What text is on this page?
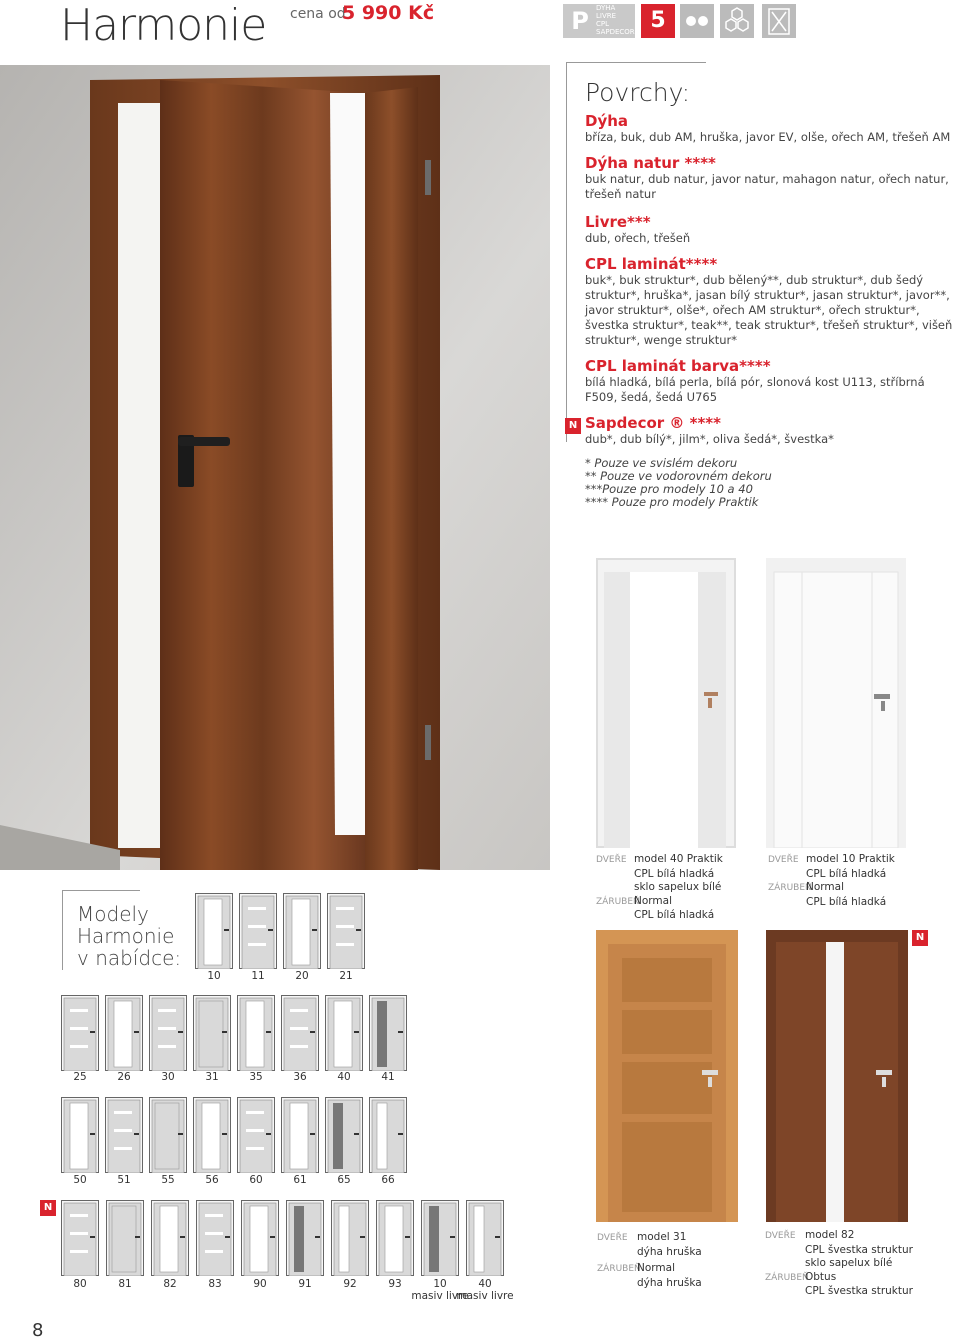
Harmonie cena od
5 990 Kč	P	DÝHA
LIVRE
CPL
SAPDECOR 5
Povrchy:
Dýha
bříza, buk, dub AM, hruška, javor EV, olše, ořech AM, třešeň AM
Dýha natur ****
buk natur, dub natur, javor natur, mahagon natur, ořech natur, třešeň natur
Livre***
dub, ořech, třešeň
CPL laminát****
buk*, buk struktur*, dub bělený**, dub struktur*, dub šedý struktur*, hruška*, jasan bílý struktur*, jasan struktur*, javor**, javor struktur*, olše*, ořech AM struktur*, ořech struktur*, švestka struktur*, teak**, teak struktur*, třešeň struktur*, višeň struktur*, wenge struktur*
CPL laminát barva****
bílá hladká, bílá perla, bílá pór, slonová kost U113, stříbrná F509, šedá, šedá U765
N Sapdecor ® ****
dub*, dub bílý*, jilm*, oliva šedá*, švestka*
* Pouze ve svislém dekoru
** Pouze ve vodorovném dekoru
***Pouze pro modely 10 a 40
**** Pouze pro modely Praktik
DVEŘE model 40 Praktik
CPL bílá hladká
sklo sapelux bílé
ZÁRUBEŇNormal
CPL bílá hladká
DVEŘE model 10 Praktik
CPL bílá hladká
ZÁRUBEŇNormal
CPL bílá hladká
N
DVEŘE model 31
dýha hruška
ZÁRUBEŇNormal
dýha hruška
DVEŘE model 82
CPL švestka struktur
sklo sapelux bílé
ZÁRUBEŇObtus
CPL švestka struktur
Modely
Harmonie
v nabídce:
10	11	20	21
25	26	30	31	35	36	40	41
50	51	55	56	60	61	65	66
80	81	82	83	90	91	92	93	10
masiv livre
40
masiv livre
N
8
